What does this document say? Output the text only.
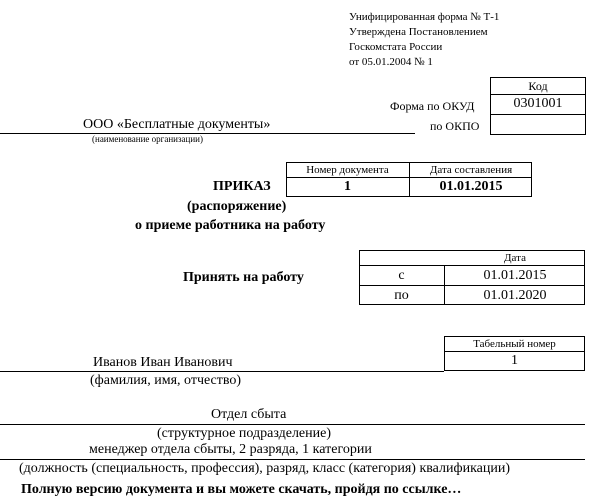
Унифицированная форма № Т-1
Утверждена Постановлением
Госкомстата России
от 05.01.2004 № 1
Код
0301001
Форма по ОКУД
по ОКПО
ООО «Бесплатные документы»
(наименование организации)
Номер документа	Дата составления
1	01.01.2015
ПРИКАЗ
(распоряжение)
о приеме работника на работу
Принять на работу
Дата
с	01.01.2015
по	01.01.2020
Табельный номер
1
Иванов Иван Иванович
(фамилия, имя, отчество)
Отдел сбыта
(структурное подразделение)
менеджер отдела сбыты, 2 разряда, 1 категории
(должность (специальность, профессия), разряд, класс (категория) квалификации)
Полную версию документа и вы можете скачать, пройдя по ссылке…
